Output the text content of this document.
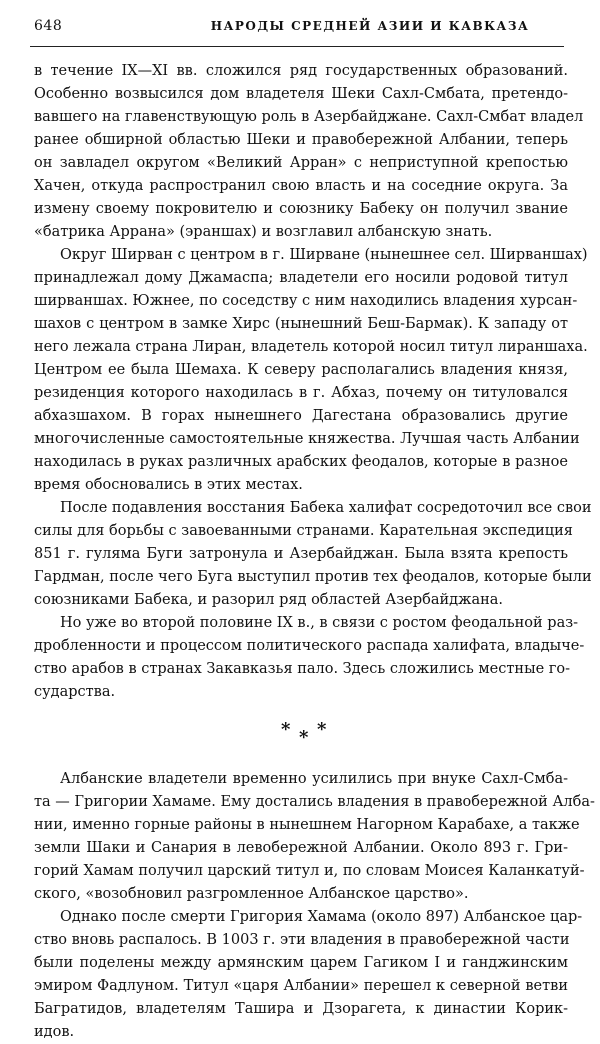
648	НАРОДЫ СРЕДНЕЙ АЗИИ И КАВКАЗА
в течение IX—XI вв. сложился ряд государственных образований.
Особенно возвысился дом владетеля Шеки Сахл-Смбата, претендо-
вавшего на главенствующую роль в Азербайджане. Сахл-Смбат владел
ранее обширной областью Шеки и правобережной Албании, теперь
он завладел округом «Великий Арран» с неприступной крепостью
Хачен, откуда распространил свою власть и на соседние округа. За
измену своему покровителю и союзнику Бабеку он получил звание
«батрика Аррана» (эраншах) и возглавил албанскую знать.
Округ Ширван с центром в г. Ширване (нынешнее сел. Ширваншах)
принадлежал дому Джамаспа; владетели его носили родовой титул
ширваншах. Южнее, по соседству с ним находились владения хурсан-
шахов с центром в замке Хирс (нынешний Беш-Бармак). К западу от
него лежала страна Лиран, владетель которой носил титул лираншаха.
Центром ее была Шемаха. К северу располагались владения князя,
резиденция которого находилась в г. Абхаз, почему он титуловался
абхазшахом. В горах нынешнего Дагестана образовались другие
многочисленные самостоятельные княжества. Лучшая часть Албании
находилась в руках различных арабских феодалов, которые в разное
время обосновались в этих местах.
После подавления восстания Бабека халифат сосредоточил все свои
силы для борьбы с завоеванными странами. Карательная экспедиция
851 г. гуляма Буги затронула и Азербайджан. Была взята крепость
Гардман, после чего Буга выступил против тех феодалов, которые были
союзниками Бабека, и разорил ряд областей Азербайджана.
Но уже во второй половине IX в., в связи с ростом феодальной раз-
дробленности и процессом политического распада халифата, владыче-
ство арабов в странах Закавказья пало. Здесь сложились местные го-
сударства.
* * *
Албанские владетели временно усилились при внуке Сахл-Смба-
та — Григории Хамаме. Ему достались владения в правобережной Алба-
нии, именно горные районы в нынешнем Нагорном Карабахе, а также
земли Шаки и Санария в левобережной Албании. Около 893 г. Гри-
горий Хамам получил царский титул и, по словам Моисея Каланкатуй-
ского, «возобновил разгромленное Албанское царство».
Однако после смерти Григория Хамама (около 897) Албанское цар-
ство вновь распалось. В 1003 г. эти владения в правобережной части
были поделены между армянским царем Гагиком I и ганджинским
эмиром Фадлуном. Титул «царя Албании» перешел к северной ветви
Багратидов, владетелям Ташира и Дзорагета, к династии Корик-
идов.
